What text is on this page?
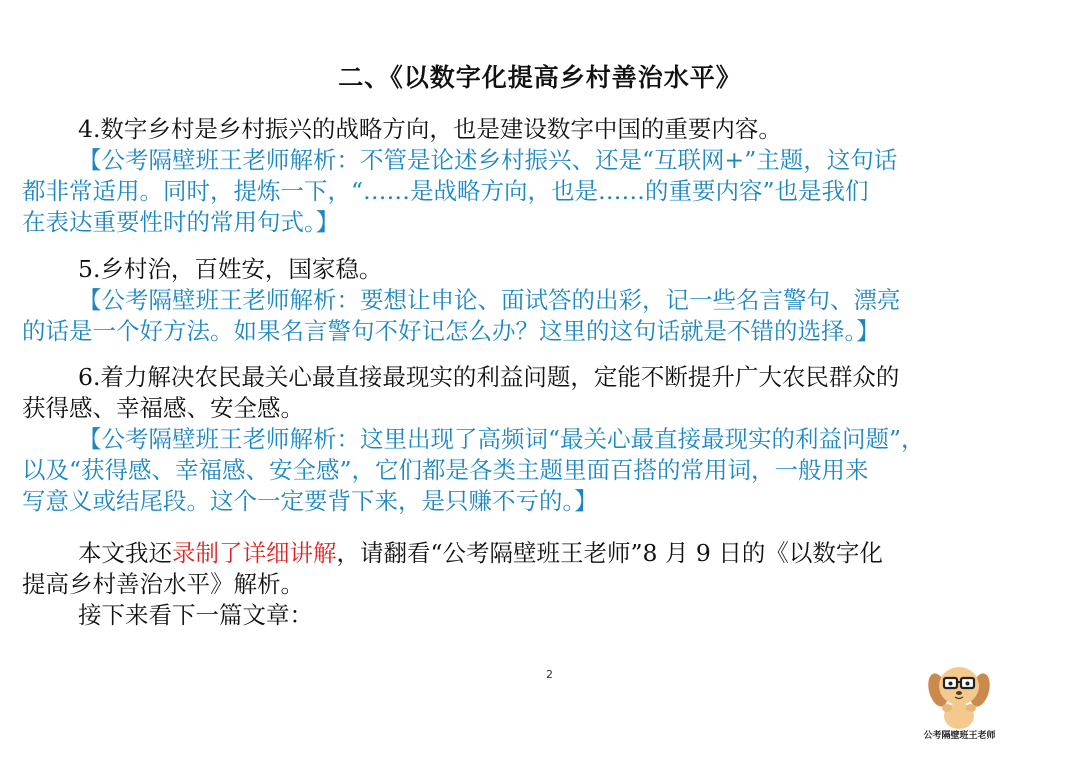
二、《以数字化提高乡村善治水平》
4.数字乡村是乡村振兴的战略方向，也是建设数字中国的重要内容。
【公考隔壁班王老师解析：不管是论述乡村振兴、还是“互联网+”主题，这句话
都非常适用。同时，提炼一下，“……是战略方向，也是……的重要内容”也是我们
在表达重要性时的常用句式。】
5.乡村治，百姓安，国家稳。
【公考隔壁班王老师解析：要想让申论、面试答的出彩，记一些名言警句、漂亮
的话是一个好方法。如果名言警句不好记怎么办？这里的这句话就是不错的选择。】
6.着力解决农民最关心最直接最现实的利益问题，定能不断提升广大农民群众的
获得感、幸福感、安全感。
【公考隔壁班王老师解析：这里出现了高频词“最关心最直接最现实的利益问题”，
以及“获得感、幸福感、安全感”，它们都是各类主题里面百搭的常用词，一般用来
写意义或结尾段。这个一定要背下来，是只赚不亏的。】
本文我还录制了详细讲解，请翻看“公考隔壁班王老师”8 月 9 日的《以数字化
提高乡村善治水平》解析。
接下来看下一篇文章：
2
公考隔壁班王老师
